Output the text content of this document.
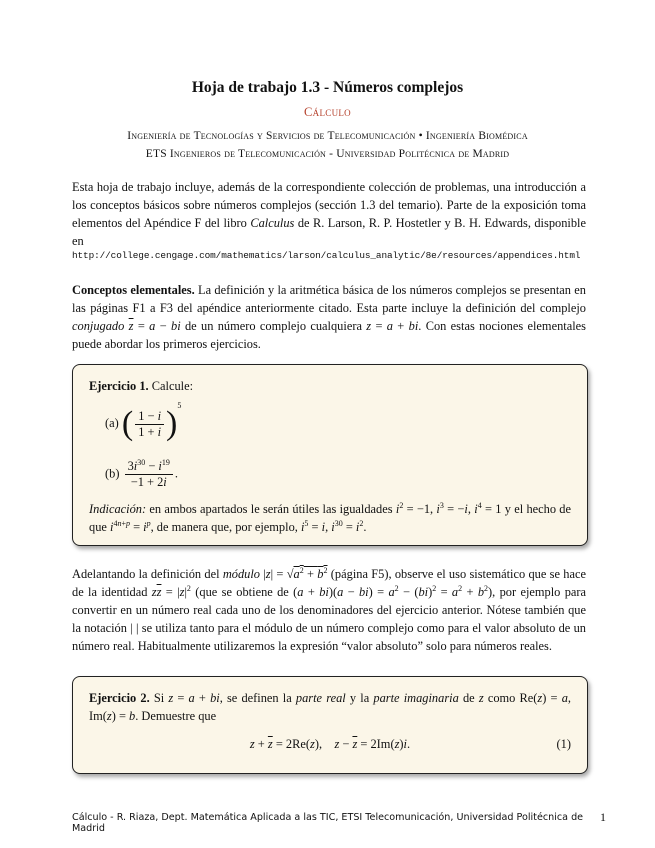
Hoja de trabajo 1.3 - Números complejos
Cálculo
Ingeniería de Tecnologías y Servicios de Telecomunicación • Ingeniería Biomédica
ETS Ingenieros de Telecomunicación - Universidad Politécnica de Madrid
Esta hoja de trabajo incluye, además de la correspondiente colección de problemas, una introducción a los conceptos básicos sobre números complejos (sección 1.3 del temario). Parte de la exposición toma elementos del Apéndice F del libro Calculus de R. Larson, R. P. Hostetler y B. H. Edwards, disponible en
http://college.cengage.com/mathematics/larson/calculus_analytic/8e/resources/appendices.html
Conceptos elementales. La definición y la aritmética básica de los números complejos se presentan en las páginas F1 a F3 del apéndice anteriormente citado. Esta parte incluye la definición del complejo conjugado $\overline{z} = a$ − bi de un número complejo cualquiera z = a + bi. Con estas nociones elementales puede abordar los primeros ejercicios.
Ejercicio 1. Calcule:
(a) ( $\frac{1 - i}{1 + i} )^5$
$(b) \frac{3i^{30} - i^{19}}{-1 + 2i}$ .
Indicación: en ambos apartados le serán útiles las igualdades $i^2 = -1$, $i^3 = -i$, $i^4 = 1$ y el hecho de que $i^{4n+p} = i^p$, de manera que, por ejemplo, $i^5 = i$, $i^{30} = i^2$.
Adelantando la definición del módulo $|z| = √a^2 + b^2$ (página F5), observe el uso sistemático que se hace de la identidad $z\overline{z} = |z|^2$ (que se obtiene de $(a + bi)(a - bi) = a^2 - (bi)^2 = a^2 + b^2$), por ejemplo para convertir en un número real cada uno de los denominadores del ejercicio anterior. Nótese también que la notación | | se utiliza tanto para el módulo de un número complejo como para el valor absoluto de un número real. Habitualmente utilizaremos la expresión “valor absoluto” solo para números reales.
Ejercicio 2. Si z = a + bi, se definen la parte real y la parte imaginaria de z como Re(z) = a, Im(z) = b. Demuestre que
$z + \overline{z} = 2Re(z)$,    $z - \overline{z} = 2Im(z)i$.	(1)
Cálculo - R. Riaza, Dept. Matemática Aplicada a las TIC, ETSI Telecomunicación, Universidad Politécnica de Madrid
1
